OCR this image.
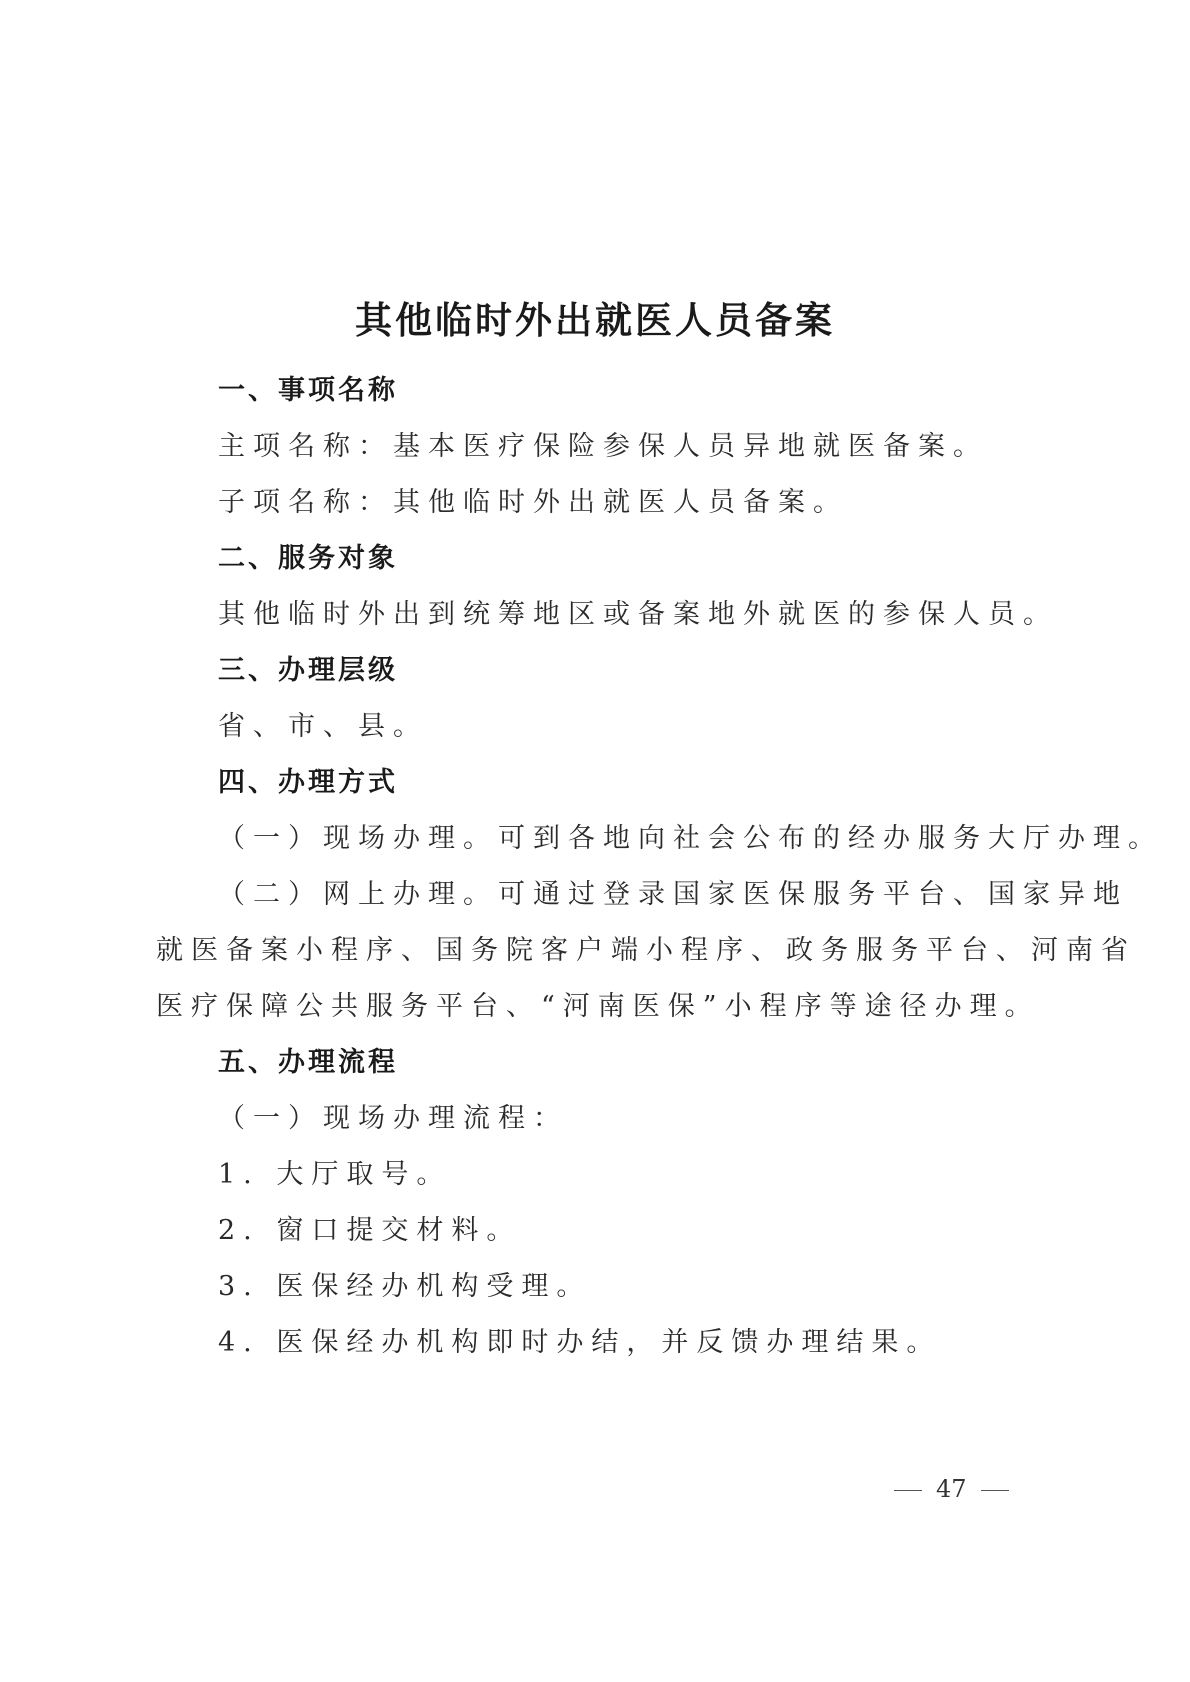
其他临时外出就医人员备案
一、事项名称
主项名称：基本医疗保险参保人员异地就医备案。
子项名称：其他临时外出就医人员备案。
二、服务对象
其他临时外出到统筹地区或备案地外就医的参保人员。
三、办理层级
省、市、县。
四、办理方式
（一）现场办理。可到各地向社会公布的经办服务大厅办理。
（二）网上办理。可通过登录国家医保服务平台、国家异地
就医备案小程序、国务院客户端小程序、政务服务平台、河南省
医疗保障公共服务平台、“河南医保”小程序等途径办理。
五、办理流程
（一）现场办理流程：
1. 大厅取号。
2. 窗口提交材料。
3. 医保经办机构受理。
4. 医保经办机构即时办结，并反馈办理结果。
47
